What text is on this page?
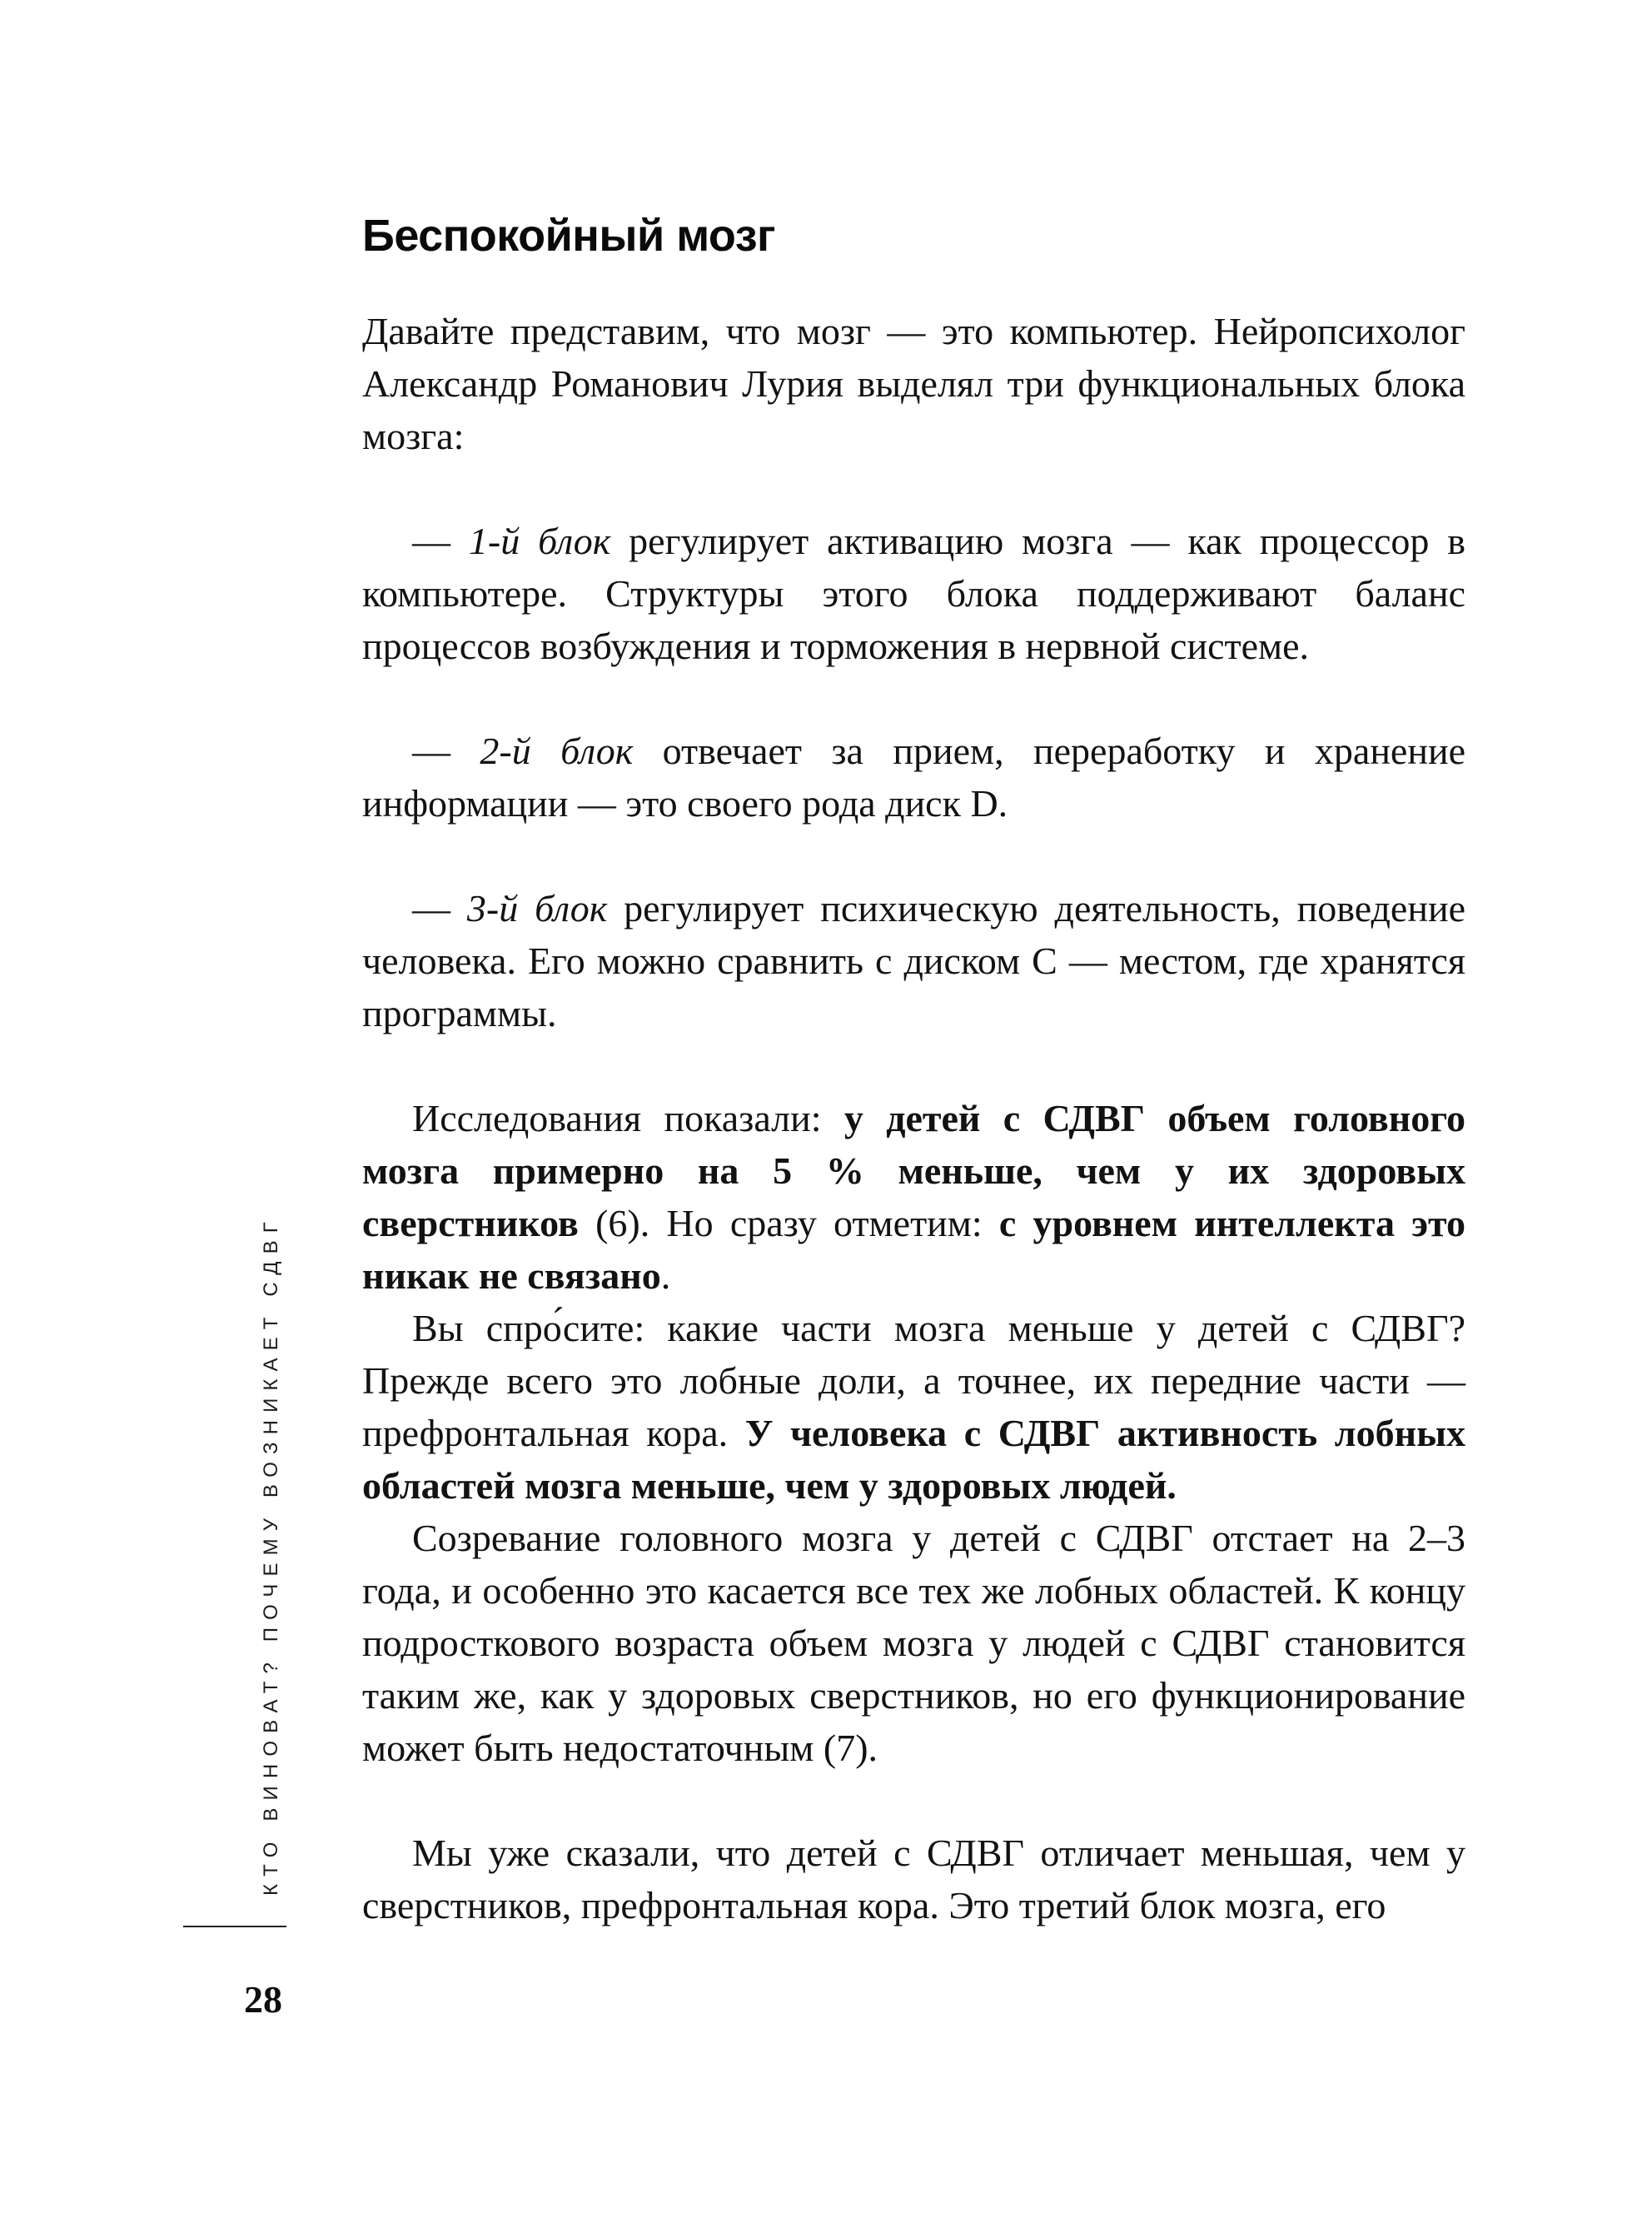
Беспокойный мозг

Давайте представим, что мозг — это компьютер. Нейропсихолог Александр Романович Лурия выделял три функциональных блока мозга:

— 1-й блок регулирует активацию мозга — как процессор в компьютере. Структуры этого блока поддерживают баланс процессов возбуждения и торможения в нервной системе.

— 2-й блок отвечает за прием, переработку и хранение информации — это своего рода диск D.

— 3-й блок регулирует психическую деятельность, поведение человека. Его можно сравнить с диском C — местом, где хранятся программы.

Исследования показали: у детей с СДВГ объем головного мозга примерно на 5 % меньше, чем у их здоровых сверстников (6). Но сразу отметим: с уровнем интеллекта это никак не связано.

Вы спро́сите: какие части мозга меньше у детей с СДВГ? Прежде всего это лобные доли, а точнее, их передние части — префронтальная кора. У человека с СДВГ активность лобных областей мозга меньше, чем у здоровых людей.

Созревание головного мозга у детей с СДВГ отстает на 2–3 года, и особенно это касается все тех же лобных областей. К концу подросткового возраста объем мозга у людей с СДВГ становится таким же, как у здоровых сверстников, но его функционирование может быть недостаточным (7).

Мы уже сказали, что детей с СДВГ отличает меньшая, чем у сверстников, префронтальная кора. Это третий блок мозга, его

КТО ВИНОВАТ? ПОЧЕМУ ВОЗНИКАЕТ СДВГ
28
